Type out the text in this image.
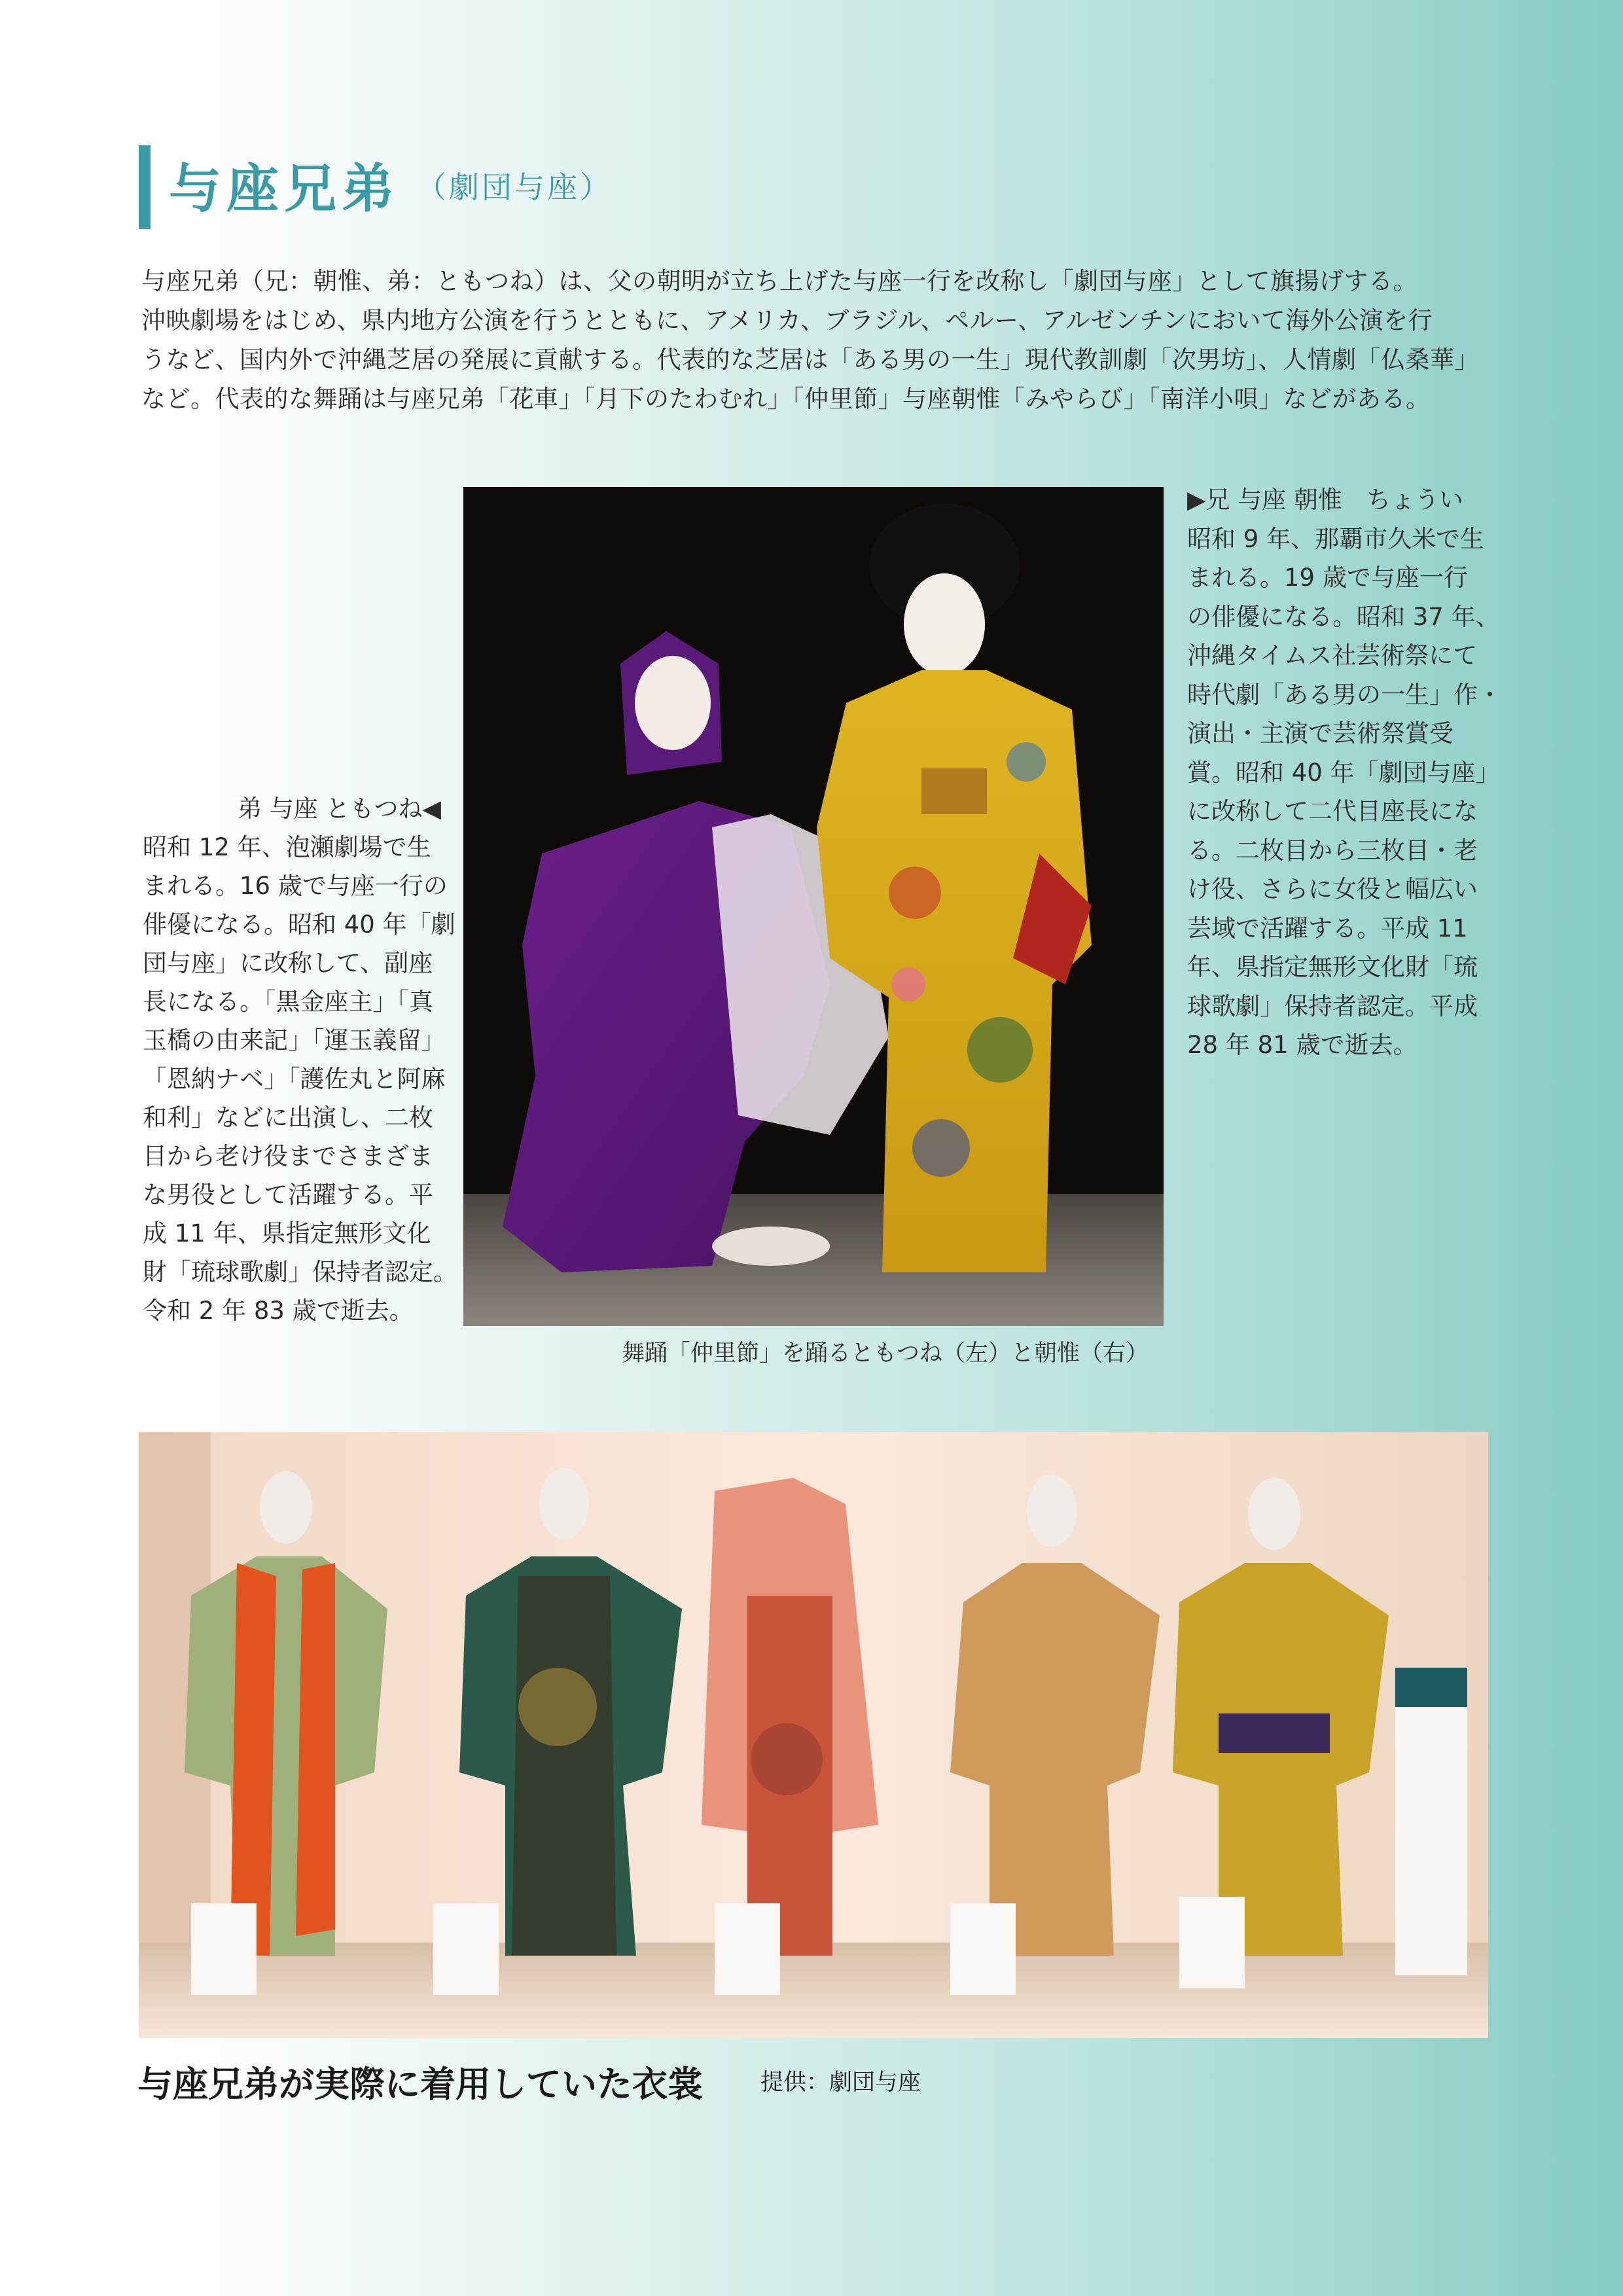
与座兄弟 （劇団与座）

与座兄弟（兄：朝惟、弟：ともつね）は、父の朝明が立ち上げた与座一行を改称し「劇団与座」として旗揚げする。

沖映劇場をはじめ、県内地方公演を行うとともに、アメリカ、ブラジル、ペルー、アルゼンチンにおいて海外公演を行

うなど、国内外で沖縄芝居の発展に貢献する。代表的な芝居は「ある男の一生」現代教訓劇「次男坊」、人情劇「仏桑華」

など。代表的な舞踊は与座兄弟「花車」「月下のたわむれ」「仲里節」与座朝惟「みやらび」「南洋小唄」などがある。

弟 与座 ともつね◀

昭和 12 年、泡瀬劇場で生

まれる。16 歳で与座一行の

俳優になる。昭和 40 年「劇

団与座」に改称して、副座

長になる。「黒金座主」「真

玉橋の由来記」「運玉義留」

「恩納ナベ」「護佐丸と阿麻

和利」などに出演し、二枚

目から老け役までさまざま

な男役として活躍する。平

成 11 年、県指定無形文化

財「琉球歌劇」保持者認定。

令和 2 年 83 歳で逝去。

▶兄 与座 朝惟　ちょうい

昭和 9 年、那覇市久米で生

まれる。19 歳で与座一行

の俳優になる。昭和 37 年、

沖縄タイムス社芸術祭にて

時代劇「ある男の一生」作・

演出・主演で芸術祭賞受

賞。昭和 40 年「劇団与座」

に改称して二代目座長にな

る。二枚目から三枚目・老

け役、さらに女役と幅広い

芸域で活躍する。平成 11

年、県指定無形文化財「琉

球歌劇」保持者認定。平成

28 年 81 歳で逝去。

舞踊「仲里節」を踊るともつね（左）と朝惟（右）
与座兄弟が実際に着用していた衣裳	提供：劇団与座
